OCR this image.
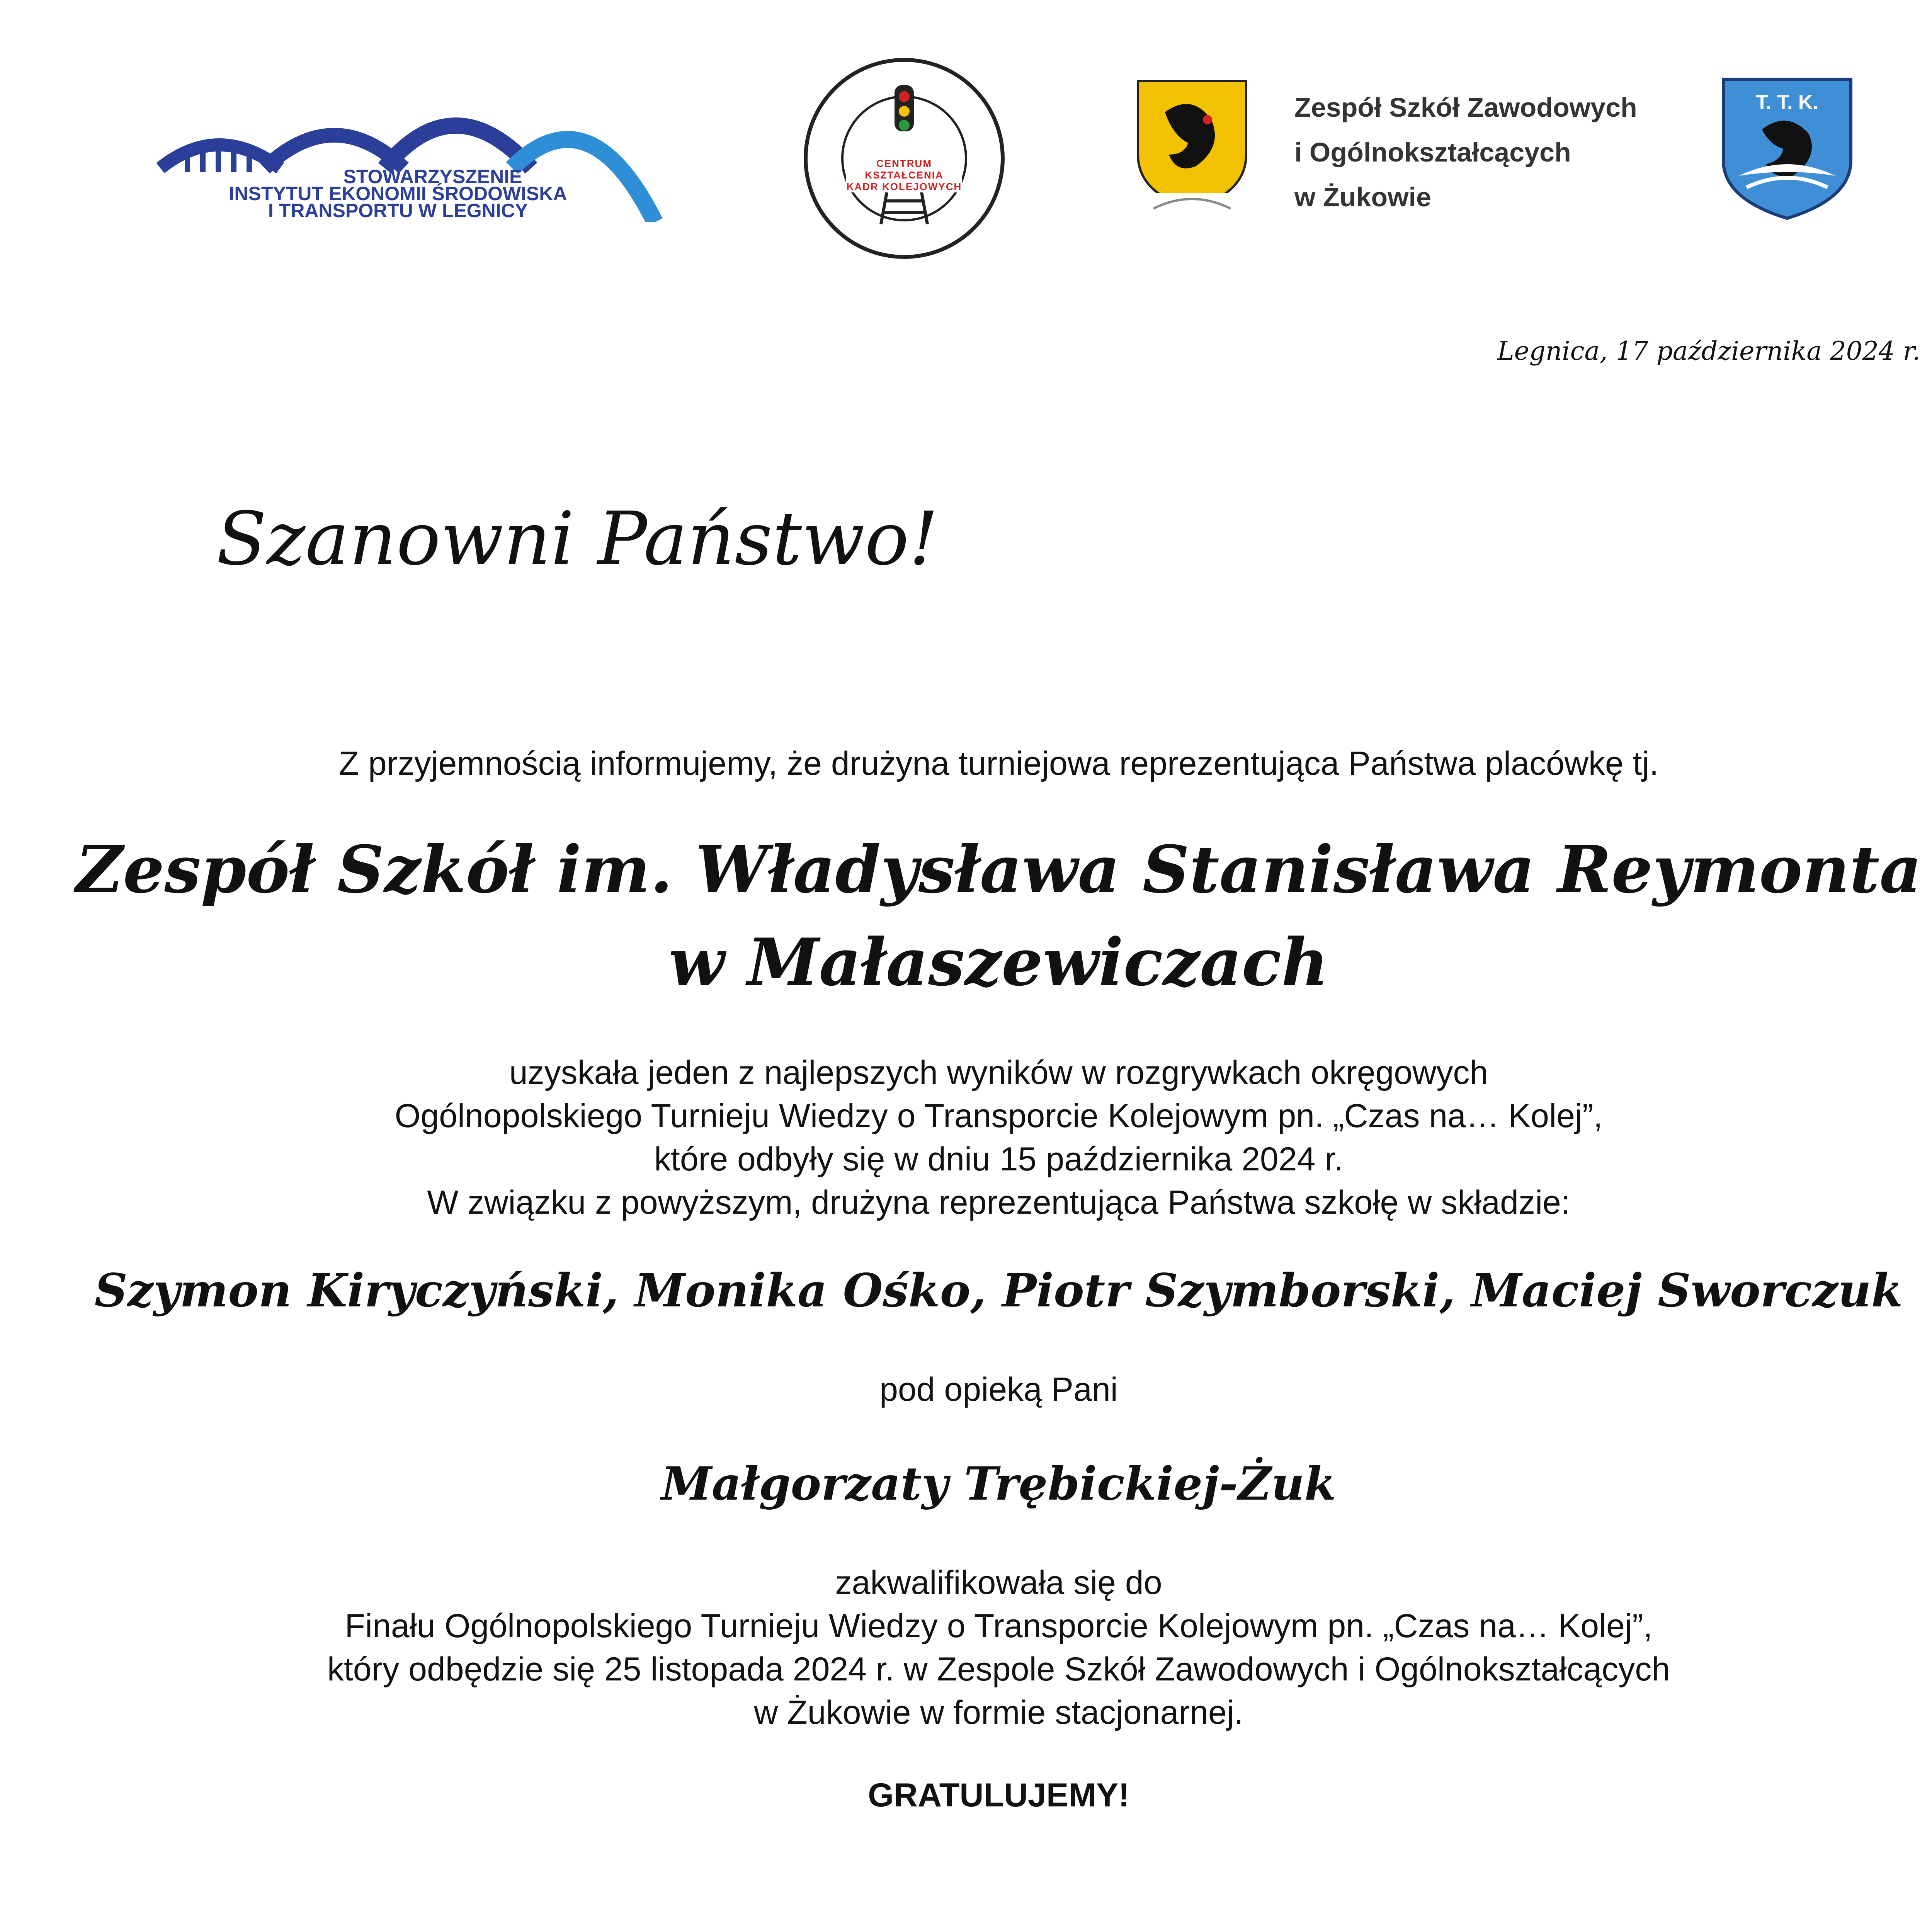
STOWARZYSZENIE
INSTYTUT EKONOMII ŚRODOWISKA
I TRANSPORTU W LEGNICY
CENTRUM KSZTAŁCENIA
KADR KOLEJOWYCH
Zespół Szkół Zawodowych
i Ogólnokształcących
w Żukowie
T. T. K.
Legnica, 17 października 2024 r.
Szanowni Państwo!
Z przyjemnością informujemy, że drużyna turniejowa reprezentująca Państwa placówkę tj.
Zespół Szkół im. Władysława Stanisława Reymonta
w Małaszewiczach
uzyskała jeden z najlepszych wyników w rozgrywkach okręgowych
Ogólnopolskiego Turnieju Wiedzy o Transporcie Kolejowym pn. „Czas na… Kolej”,
które odbyły się w dniu 15 października 2024 r.
W związku z powyższym, drużyna reprezentująca Państwa szkołę w składzie:
Szymon Kiryczyński, Monika Ośko, Piotr Szymborski, Maciej Sworczuk
pod opieką Pani
Małgorzaty Trębickiej-Żuk
zakwalifikowała się do
Finału Ogólnopolskiego Turnieju Wiedzy o Transporcie Kolejowym pn. „Czas na… Kolej”,
który odbędzie się 25 listopada 2024 r. w Zespole Szkół Zawodowych i Ogólnokształcących
w Żukowie w formie stacjonarnej.
GRATULUJEMY!
